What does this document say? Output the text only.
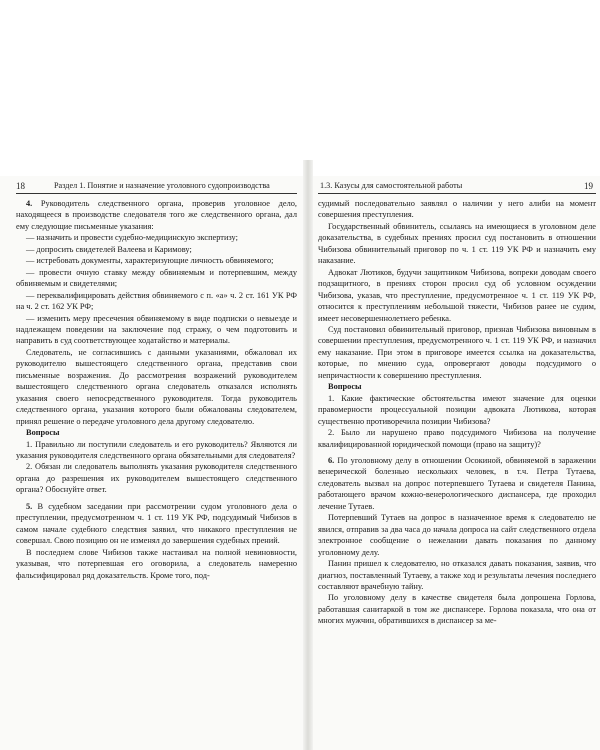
18	Раздел 1. Понятие и назначение уголовного судопроизводства	1.3. Казусы для самостоятельной работы	19

4. Руководитель следственного органа, проверив уголовное дело, находящееся в производстве следователя того же следственного органа, дал ему следующие письменные указания:

— назначить и провести судебно-медицинскую экспертизу;

— допросить свидетелей Валеева и Каримову;

— истребовать документы, характеризующие личность обвиняемого;

— провести очную ставку между обвиняемым и потерпевшим, между обвиняемым и свидетелями;

— переквалифицировать действия обвиняемого с п. «а» ч. 2 ст. 161 УК РФ на ч. 2 ст. 162 УК РФ;

— изменить меру пресечения обвиняемому в виде подписки о невыезде и надлежащем поведении на заключение под стражу, о чем подготовить и направить в суд соответствующее ходатайство и материалы.

Следователь, не согласившись с данными указаниями, обжаловал их руководителю вышестоящего следственного органа, представив свои письменные возражения. До рассмотрения возражений руководителем вышестоящего следственного органа следователь отказался исполнять указания своего непосредственного руководителя. Тогда руководитель следственного органа, указания которого были обжалованы следователем, принял решение о передаче уголовного дела другому следователю.

Вопросы

1. Правильно ли поступили следователь и его руководитель? Являются ли указания руководителя следственного органа обязательными для следователя?

2. Обязан ли следователь выполнять указания руководителя следственного органа до разрешения их руководителем вышестоящего следственного органа? Обоснуйте ответ.

5. В судебном заседании при рассмотрении судом уголовного дела о преступлении, предусмотренном ч. 1 ст. 119 УК РФ, подсудимый Чибизов в самом начале судебного следствия заявил, что никакого преступления не совершал. Свою позицию он не изменял до завершения судебных прений.

В последнем слове Чибизов также настаивал на полной невиновности, указывая, что потерпевшая его оговорила, а следователь намеренно фальсифицировал ряд доказательств. Кроме того, под-

судимый последовательно заявлял о наличии у него алиби на момент совершения преступления.

Государственный обвинитель, ссылаясь на имеющиеся в уголовном деле доказательства, в судебных прениях просил суд постановить в отношении Чибизова обвинительный приговор по ч. 1 ст. 119 УК РФ и назначить ему наказание.

Адвокат Лютиков, будучи защитником Чибизова, вопреки доводам своего подзащитного, в прениях сторон просил суд об условном осуждении Чибизова, указав, что преступление, предусмотренное ч. 1 ст. 119 УК РФ, относится к преступлениям небольшой тяжести, Чибизов ранее не судим, имеет несовершеннолетнего ребенка.

Суд постановил обвинительный приговор, признав Чибизова виновным в совершении преступления, предусмотренного ч. 1 ст. 119 УК РФ, и назначил ему наказание. При этом в приговоре имеется ссылка на доказательства, которые, по мнению суда, опровергают доводы подсудимого о непричастности к совершению преступления.

Вопросы

1. Какие фактические обстоятельства имеют значение для оценки правомерности процессуальной позиции адвоката Лютикова, которая существенно противоречила позиции Чибизова?

2. Было ли нарушено право подсудимого Чибизова на получение квалифицированной юридической помощи (право на защиту)?

6. По уголовному делу в отношении Осокиной, обвиняемой в заражении венерической болезнью нескольких человек, в т.ч. Петра Тутаева, следователь вызвал на допрос потерпевшего Тутаева и свидетеля Панина, работающего врачом кожно-венерологического диспансера, где проходил лечение Тутаев.

Потерпевший Тутаев на допрос в назначенное время к следователю не явился, отправив за два часа до начала допроса на сайт следственного отдела электронное сообщение о нежелании давать показания по данному уголовному делу.

Панин пришел к следователю, но отказался давать показания, заявив, что диагноз, поставленный Тутаеву, а также ход и результаты лечения последнего составляют врачебную тайну.

По уголовному делу в качестве свидетеля была допрошена Горлова, работавшая санитаркой в том же диспансере. Горлова показала, что она от многих мужчин, обратившихся в диспансер за ме-
